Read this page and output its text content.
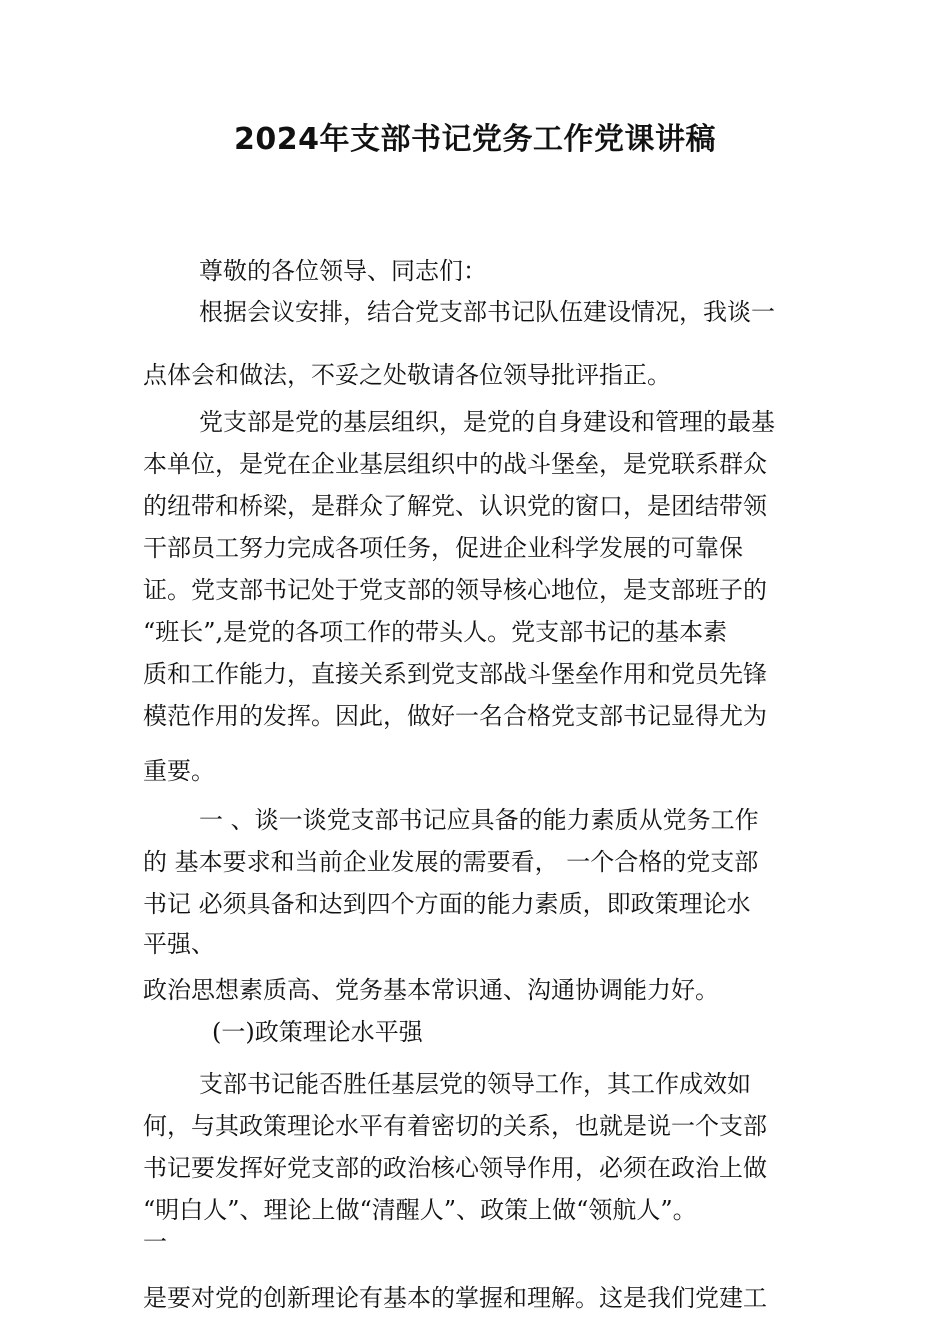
2024年支部书记党务工作党课讲稿
尊敬的各位领导、同志们：
根据会议安排，结合党支部书记队伍建设情况，我谈一
点体会和做法，不妥之处敬请各位领导批评指正。
党支部是党的基层组织，是党的自身建设和管理的最基
本单位，是党在企业基层组织中的战斗堡垒，是党联系群众
的纽带和桥梁，是群众了解党、认识党的窗口，是团结带领
干部员工努力完成各项任务，促进企业科学发展的可靠保
证。党支部书记处于党支部的领导核心地位，是支部班子的
“班长”,是党的各项工作的带头人。党支部书记的基本素
质和工作能力，直接关系到党支部战斗堡垒作用和党员先锋
模范作用的发挥。因此，做好一名合格党支部书记显得尤为
重要。
一 、谈一谈党支部书记应具备的能力素质从党务工作
的 基本要求和当前企业发展的需要看， 一个合格的党支部
书记 必须具备和达到四个方面的能力素质，即政策理论水
平强、
政治思想素质高、党务基本常识通、沟通协调能力好。
(一)政策理论水平强
支部书记能否胜任基层党的领导工作，其工作成效如
何，与其政策理论水平有着密切的关系，也就是说一个支部
书记要发挥好党支部的政治核心领导作用，必须在政治上做
“明白人”、理论上做“清醒人”、政策上做“领航人”。
一
是要对党的创新理论有基本的掌握和理解。这是我们党建工
